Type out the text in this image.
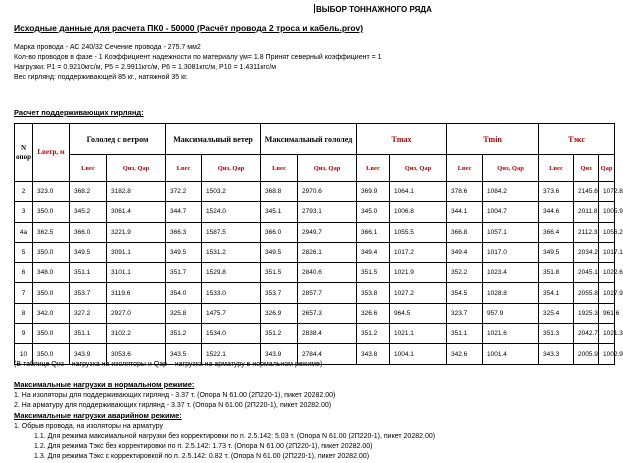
ВЫБОР ТОННАЖНОГО РЯДА
Исходные данные для расчета ПК0 - 50000 (Расчёт провода 2 троса и кабель.prov)
Марка провода - АС 240/32 Сечение провода - 275.7 мм2
Кол-во проводов в фазе - 1 Коэффициент надежности по материалу γм= 1.8 Принят северный коэффициент = 1
Нагрузки: P1 = 0.9210кгс/м, P5 = 2.9911кгс/м, P6 = 1.3081кгс/м, P10 = 1.4311кгс/м
Вес гирлянд: поддерживающей 85 кг., натяжной 35 кг.
Расчет поддерживающих гирлянд:
N опор	Lветр, м	Гололед с ветром		Максимальный ветер		Максимальный гололед		Tmax		Tmin		Tэкс		
		Lвес	Qиз, Qар	Lвес	Qиз, Qар	Lвес	Qиз, Qар	Lвес	Qиз, Qар	Lвес	Qиз, Qар	Lвес	Qиз	Qар
2	323.0	368.2	3182.8	372.2	1503.2	368.8	2970.6	369.9	1064.1	378.6	1084.2	373.6	2145.6	1072.8
3	350.0	345.2	3061.4	344.7	1524.0	345.1	2793.1	345.0	1006.8	344.1	1004.7	344.6	2011.8	1005.9
4а	362.5	366.0	3221.9	366.3	1587.5	366.0	2949.7	366.1	1055.5	366.8	1057.1	366.4	2112.3	1056.2
5	350.0	349.5	3091.1	349.5	1531.2	349.5	2826.1	349.4	1017.2	349.4	1017.0	349.5	2034.2	1017.1
6	348.0	351.1	3101.1	351.7	1529.8	351.5	2840.6	351.5	1021.9	352.2	1023.4	351.8	2045.1	1022.6
7	350.0	353.7	3119.6	354.0	1533.0	353.7	2857.7	353.8	1027.2	354.5	1028.8	354.1	2055.8	1027.9
8	342.0	327.2	2927.0	325.8	1475.7	326.9	2657.3	326.6	964.5	323.7	957.9	325.4	1925.3	961.6
9	350.0	351.1	3102.2	351.2	1534.0	351.2	2838.4	351.2	1021.1	351.1	1021.6	351.3	2042.7	1021.3
10	350.0	343.9	3053.6	343.5	1522.1	343.9	2784.4	343.8	1004.1	342.6	1001.4	343.3	2005.9	1002.9
(В таблице Qиз – нагрузка на изоляторы и Qар – нагрузка на арматуру в нормальном режиме)
Максимальные нагрузки в нормальном режиме:
1. На изоляторы для поддерживающих гирлянд - 3.37 т. (Опора N 61.00 (2П220-1), пикет 20282.00)
2. На арматуру для поддерживающих гирлянд - 3.37 т. (Опора N 61.00 (2П220-1), пикет 20282.00)
Максимальные нагрузки аварийном режиме:
1. Обрыв провода, на изоляторы на арматуру
1.1. Для режима максимальной нагрузки без корректировки по п. 2.5.142: 5.03 т. (Опора N 61.00 (2П220-1), пикет 20282.00)
1.2. Для режима Тэкс без корректировки по п. 2.5.142: 1.73 т. (Опора N 61.00 (2П220-1), пикет 20282.00)
1.3. Для режима Тэкс с корректировкой по п. 2.5.142: 0.82 т. (Опора N 61.00 (2П220-1), пикет 20282.00)
